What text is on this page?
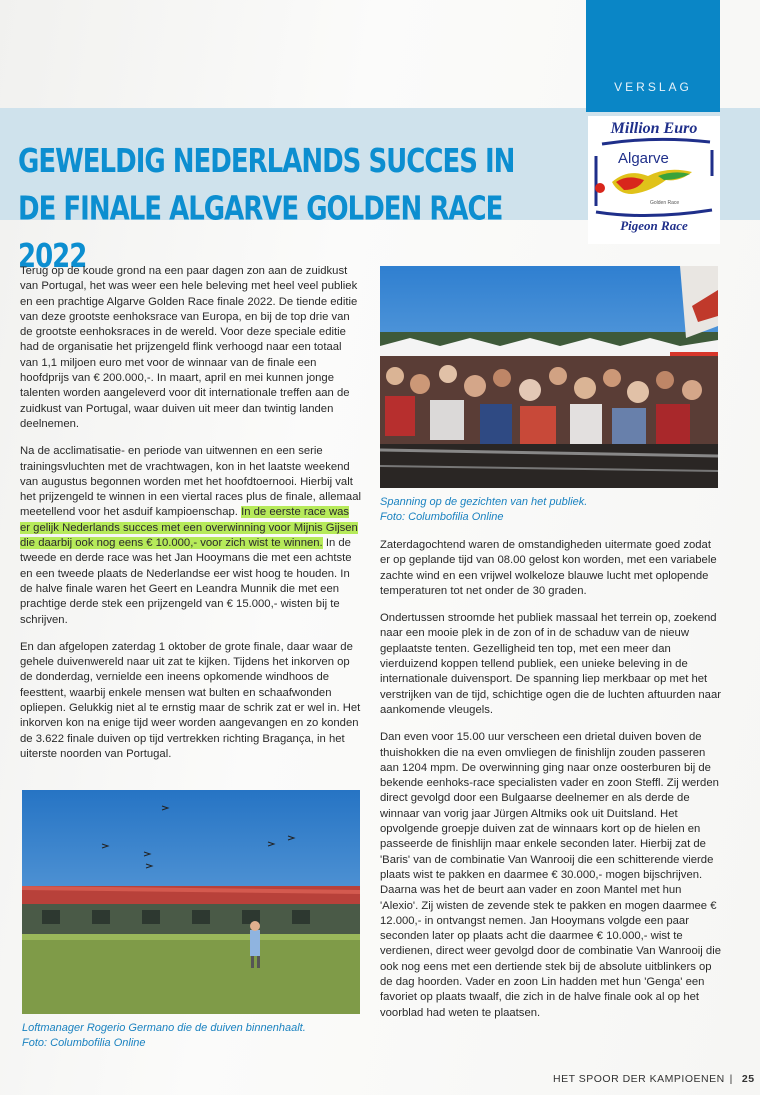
VERSLAG
GEWELDIG NEDERLANDS SUCCES IN
DE FINALE ALGARVE GOLDEN RACE 2022
Million Euro
Algarve
Golden Race
Pigeon Race

Terug op de koude grond na een paar dagen zon aan de zuidkust van Portugal, het was weer een hele beleving met heel veel publiek en een prachtige Algarve Golden Race finale 2022. De tiende editie van deze grootste eenhoksrace van Europa, en bij de top drie van de grootste eenhoksraces in de wereld. Voor deze speciale editie had de organisatie het prijzengeld flink verhoogd naar een totaal van 1,1 miljoen euro met voor de winnaar van de finale een hoofdprijs van € 200.000,-. In maart, april en mei kunnen jonge talenten worden aangeleverd voor dit internationale treffen aan de zuidkust van Portugal, waar duiven uit meer dan twintig landen deelnemen.

Na de acclimatisatie- en periode van uitwennen en een serie trainingsvluchten met de vrachtwagen, kon in het laatste weekend van augustus begonnen worden met het hoofdtoernooi. Hierbij valt het prijzengeld te winnen in een viertal races plus de finale, allemaal meetellend voor het asduif kampioenschap. In de eerste race was er gelijk Nederlands succes met een overwinning voor Mijnis Gijsen die daarbij ook nog eens € 10.000,- voor zich wist te winnen. In de tweede en derde race was het Jan Hooymans die met een achtste en een tweede plaats de Nederlandse eer wist hoog te houden. In de halve finale waren het Geert en Leandra Munnik die met een prachtige derde stek een prijzengeld van € 15.000,- wisten bij te schrijven.

En dan afgelopen zaterdag 1 oktober de grote finale, daar waar de gehele duivenwereld naar uit zat te kijken. Tijdens het inkorven op de donderdag, vernielde een ineens opkomende windhoos de feesttent, waarbij enkele mensen wat bulten en schaafwonden opliepen. Gelukkig niet al te ernstig maar de schrik zat er wel in. Het inkorven kon na enige tijd weer worden aangevangen en zo konden de 3.622 finale duiven op tijd vertrekken richting Bragança, in het uiterste noorden van Portugal.

Spanning op de gezichten van het publiek.
Foto: Columbofilia Online

Zaterdagochtend waren de omstandigheden uitermate goed zodat er op geplande tijd van 08.00 gelost kon worden, met een variabele zachte wind en een vrijwel wolkeloze blauwe lucht met oplopende temperaturen tot net onder de 30 graden.

Ondertussen stroomde het publiek massaal het terrein op, zoekend naar een mooie plek in de zon of in de schaduw van de nieuw geplaatste tenten. Gezelligheid ten top, met een meer dan vierduizend koppen tellend publiek, een unieke beleving in de internationale duivensport. De spanning liep merkbaar op met het verstrijken van de tijd, schichtige ogen die de luchten aftuurden naar aankomende vleugels.

Dan even voor 15.00 uur verscheen een drietal duiven boven de thuishokken die na even omvliegen de finishlijn zouden passeren aan 1204 mpm. De overwinning ging naar onze oosterburen bij de bekende eenhoks-race specialisten vader en zoon Steffl. Zij werden direct gevolgd door een Bulgaarse deelnemer en als derde de winnaar van vorig jaar Jürgen Altmiks ook uit Duitsland. Het opvolgende groepje duiven zat de winnaars kort op de hielen en passeerde de finishlijn maar enkele seconden later. Hierbij zat de 'Baris' van de combinatie Van Wanrooij die een schitterende vierde plaats wist te pakken en daarmee € 30.000,- mogen bijschrijven. Daarna was het de beurt aan vader en zoon Mantel met hun 'Alexio'. Zij wisten de zevende stek te pakken en mogen daarmee € 12.000,- in ontvangst nemen. Jan Hooymans volgde een paar seconden later op plaats acht die daarmee € 10.000,- wist te verdienen, direct weer gevolgd door de combinatie Van Wanrooij die ook nog eens met een dertiende stek bij de absolute uitblinkers op de dag hoorden. Vader en zoon Lin hadden met hun 'Genga' een favoriet op plaats twaalf, die zich in de halve finale ook al op het voorblad had weten te plaatsen.

Loftmanager Rogerio Germano die de duiven binnenhaalt.
Foto: Columbofilia Online
HET SPOOR DER KAMPIOENEN | 25
